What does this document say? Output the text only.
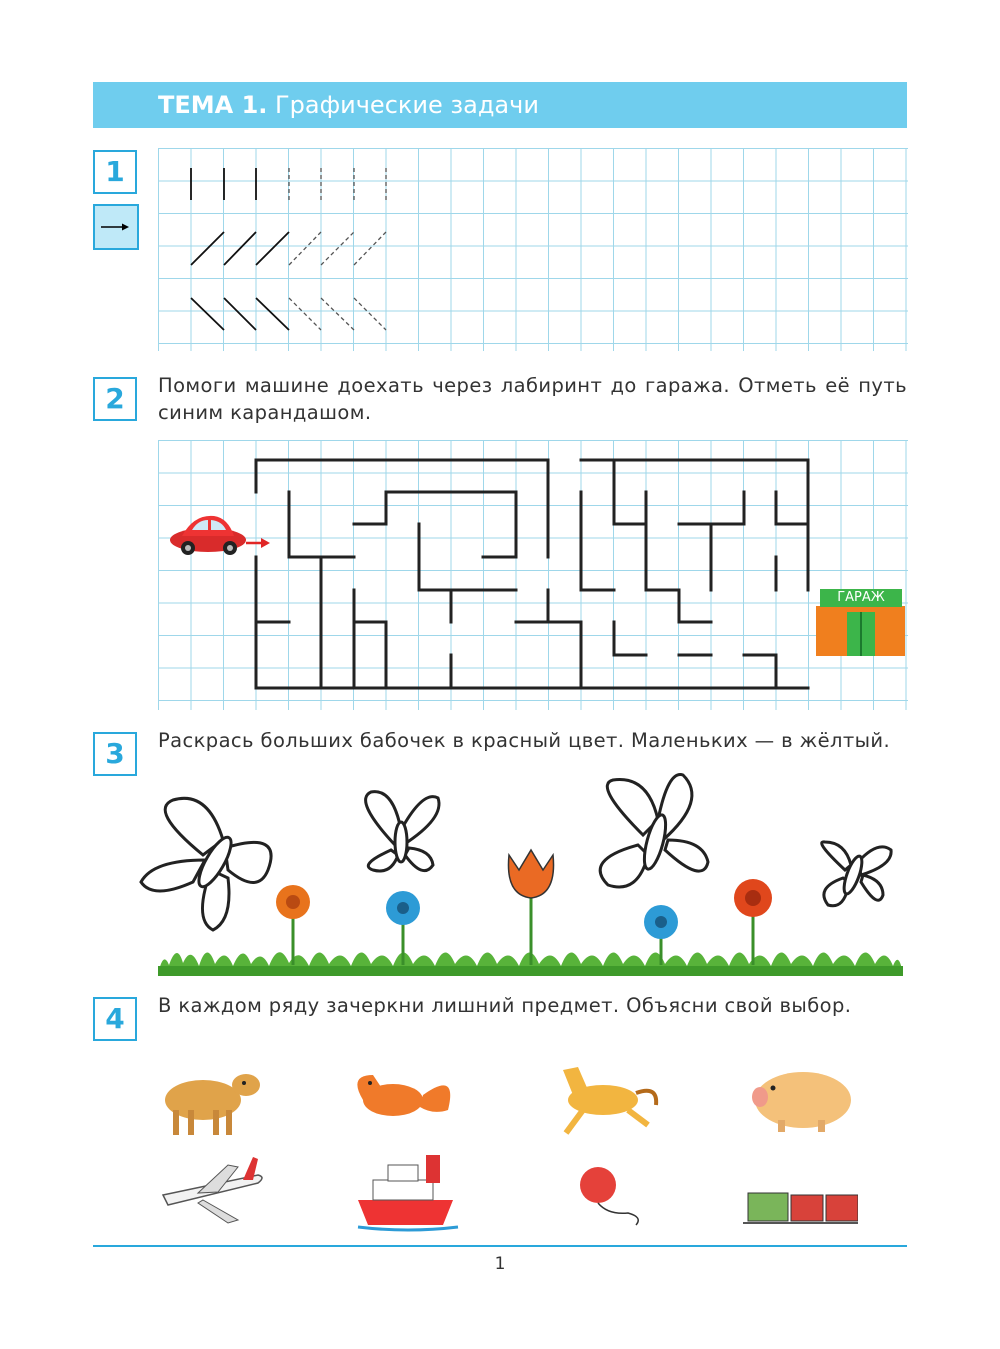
ТЕМА 1. Графические задачи
1
2	Помоги машине доехать через лабиринт до гаража. Отметь её путь синим карандашом.
ГАРАЖ
3	Раскрась больших бабочек в красный цвет. Маленьких — в жёлтый.
4	В каждом ряду зачеркни лишний предмет. Объясни свой выбор.
1
